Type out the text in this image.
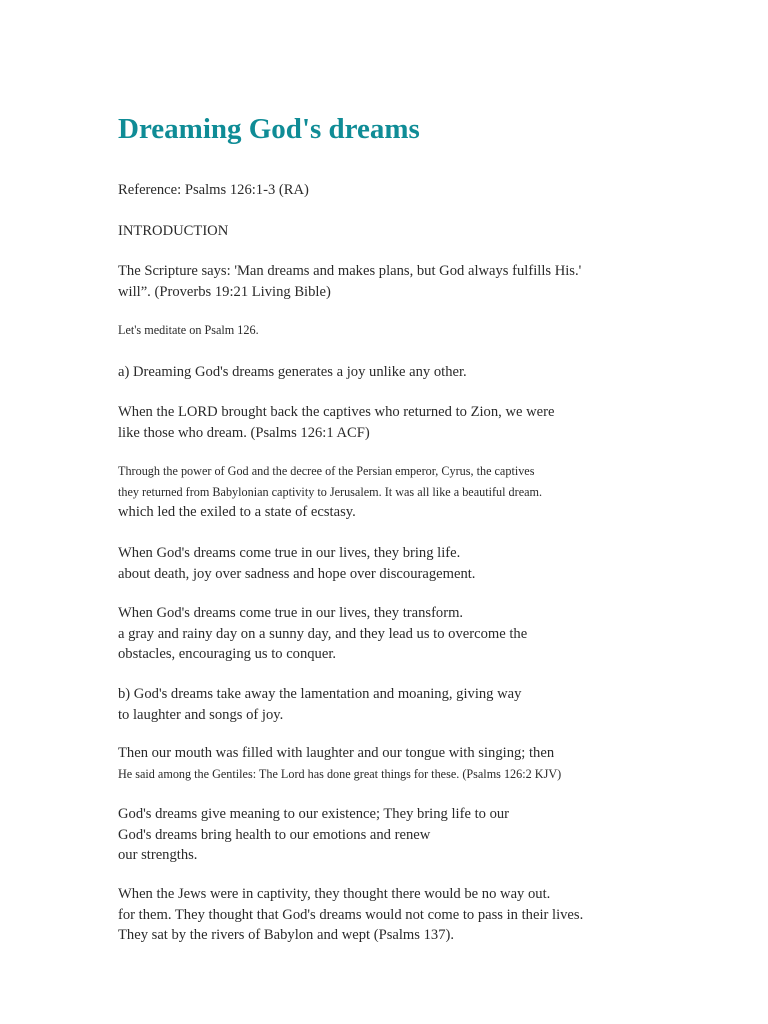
Dreaming God's dreams

Reference: Psalms 126:1-3 (RA)

INTRODUCTION

The Scripture says: 'Man dreams and makes plans, but God always fulfills His.'
will”. (Proverbs 19:21 Living Bible)

Let's meditate on Psalm 126.

a) Dreaming God's dreams generates a joy unlike any other.

When the LORD brought back the captives who returned to Zion, we were
like those who dream. (Psalms 126:1 ACF)

Through the power of God and the decree of the Persian emperor, Cyrus, the captives
they returned from Babylonian captivity to Jerusalem. It was all like a beautiful dream.
which led the exiled to a state of ecstasy.

When God's dreams come true in our lives, they bring life.
about death, joy over sadness and hope over discouragement.

When God's dreams come true in our lives, they transform.
a gray and rainy day on a sunny day, and they lead us to overcome the
obstacles, encouraging us to conquer.

b) God's dreams take away the lamentation and moaning, giving way
to laughter and songs of joy.

Then our mouth was filled with laughter and our tongue with singing; then
He said among the Gentiles: The Lord has done great things for these. (Psalms 126:2 KJV)

God's dreams give meaning to our existence; They bring life to our
God's dreams bring health to our emotions and renew
our strengths.

When the Jews were in captivity, they thought there would be no way out.
for them. They thought that God's dreams would not come to pass in their lives.
They sat by the rivers of Babylon and wept (Psalms 137).
